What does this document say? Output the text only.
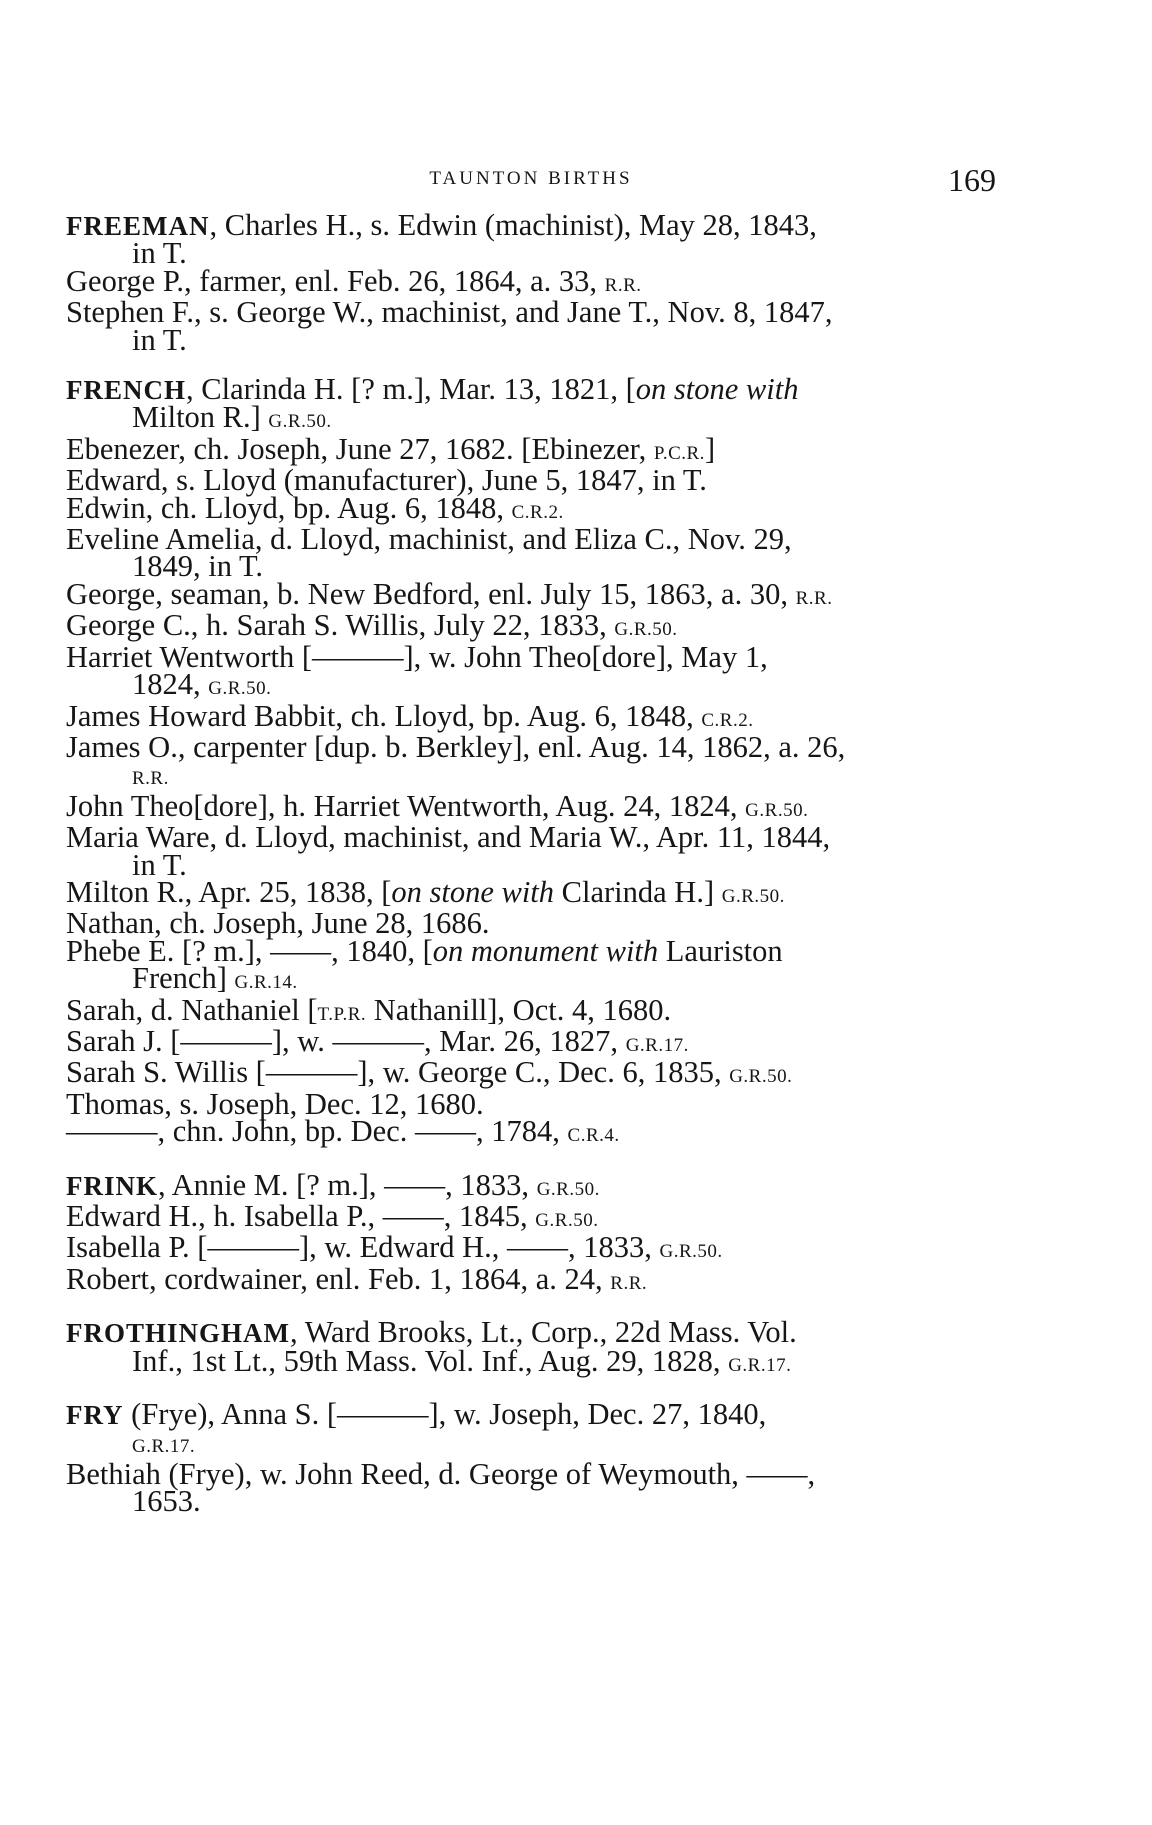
TAUNTON BIRTHS	169

FREEMAN, Charles H., s. Edwin (machinist), May 28, 1843,
in T.

George P., farmer, enl. Feb. 26, 1864, a. 33, R.R.

Stephen F., s. George W., machinist, and Jane T., Nov. 8, 1847,
in T.

FRENCH, Clarinda H. [? m.], Mar. 13, 1821, [on stone with
Milton R.] G.R.50.

Ebenezer, ch. Joseph, June 27, 1682. [Ebinezer, P.C.R.]

Edward, s. Lloyd (manufacturer), June 5, 1847, in T.

Edwin, ch. Lloyd, bp. Aug. 6, 1848, C.R.2.

Eveline Amelia, d. Lloyd, machinist, and Eliza C., Nov. 29,
1849, in T.

George, seaman, b. New Bedford, enl. July 15, 1863, a. 30, R.R.

George C., h. Sarah S. Willis, July 22, 1833, G.R.50.

Harriet Wentworth [———], w. John Theo[dore], May 1,
1824, G.R.50.

James Howard Babbit, ch. Lloyd, bp. Aug. 6, 1848, C.R.2.

James O., carpenter [dup. b. Berkley], enl. Aug. 14, 1862, a. 26,
R.R.

John Theo[dore], h. Harriet Wentworth, Aug. 24, 1824, G.R.50.

Maria Ware, d. Lloyd, machinist, and Maria W., Apr. 11, 1844,
in T.

Milton R., Apr. 25, 1838, [on stone with Clarinda H.] G.R.50.

Nathan, ch. Joseph, June 28, 1686.

Phebe E. [? m.], ——, 1840, [on monument with Lauriston
French] G.R.14.

Sarah, d. Nathaniel [T.P.R. Nathanill], Oct. 4, 1680.

Sarah J. [———], w. ———, Mar. 26, 1827, G.R.17.

Sarah S. Willis [———], w. George C., Dec. 6, 1835, G.R.50.

Thomas, s. Joseph, Dec. 12, 1680.

———, chn. John, bp. Dec. ——, 1784, C.R.4.

FRINK, Annie M. [? m.], ——, 1833, G.R.50.

Edward H., h. Isabella P., ——, 1845, G.R.50.

Isabella P. [———], w. Edward H., ——, 1833, G.R.50.

Robert, cordwainer, enl. Feb. 1, 1864, a. 24, R.R.

FROTHINGHAM, Ward Brooks, Lt., Corp., 22d Mass. Vol.
Inf., 1st Lt., 59th Mass. Vol. Inf., Aug. 29, 1828, G.R.17.

FRY (Frye), Anna S. [———], w. Joseph, Dec. 27, 1840,
G.R.17.

Bethiah (Frye), w. John Reed, d. George of Weymouth, ——,
1653.
